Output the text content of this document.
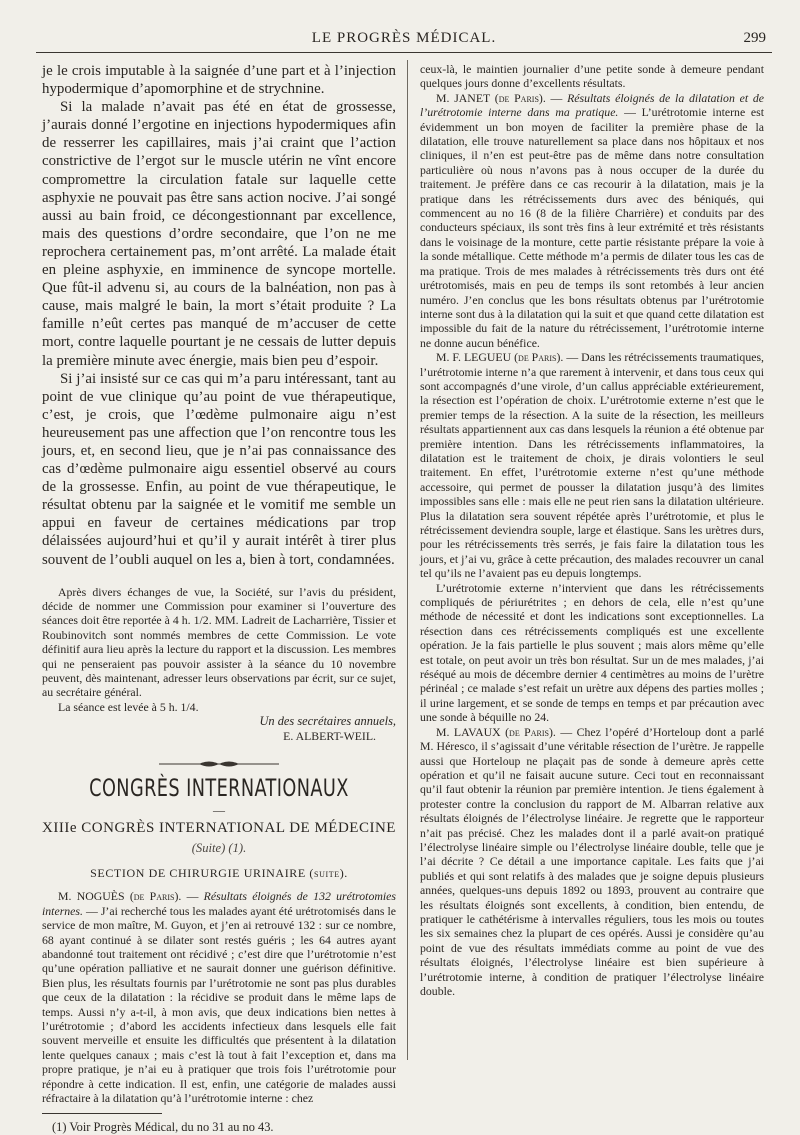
LE PROGRÈS MÉDICAL.	299

je le crois imputable à la saignée d’une part et à l’injection hypodermique d’apomorphine et de strychnine.

Si la malade n’avait pas été en état de grossesse, j’aurais donné l’ergotine en injections hypodermiques afin de resserrer les capillaires, mais j’ai craint que l’action constrictive de l’ergot sur le muscle utérin ne vînt encore compromettre la circulation fatale sur laquelle cette asphyxie ne pouvait pas être sans action nocive. J’ai songé aussi au bain froid, ce décongestionnant par excellence, mais des questions d’ordre secondaire, que l’on ne me reprochera certainement pas, m’ont arrêté. La malade était en pleine asphyxie, en imminence de syncope mortelle. Que fût-il advenu si, au cours de la balnéation, non pas à cause, mais malgré le bain, la mort s’était produite ? La famille n’eût certes pas manqué de m’accuser de cette mort, contre laquelle pourtant je ne cessais de lutter depuis la première minute avec énergie, mais bien peu d’espoir.

Si j’ai insisté sur ce cas qui m’a paru intéressant, tant au point de vue clinique qu’au point de vue thérapeutique, c’est, je crois, que l’œdème pulmonaire aigu n’est heureusement pas une affection que l’on rencontre tous les jours, et, en second lieu, que je n’ai pas connaissance des cas d’œdème pulmonaire aigu essentiel observé au cours de la grossesse. Enfin, au point de vue thérapeutique, le résultat obtenu par la saignée et le vomitif me semble un appui en faveur de certaines médications par trop délaissées aujourd’hui et qu’il y aurait intérêt à tirer plus souvent de l’oubli auquel on les a, bien à tort, condamnées.

Après divers échanges de vue, la Société, sur l’avis du président, décide de nommer une Commission pour examiner si l’ouverture des séances doit être reportée à 4 h. 1/2. MM. Ladreit de Lacharrière, Tissier et Roubinovitch sont nommés membres de cette Commission. Le vote définitif aura lieu après la lecture du rapport et la discussion. Les membres qui ne penseraient pas pouvoir assister à la séance du 10 novembre peuvent, dès maintenant, adresser leurs observations par écrit, sur ce sujet, au secrétaire général.

La séance est levée à 5 h. 1/4.

Un des secrétaires annuels,

E. ALBERT-WEIL.

CONGRÈS INTERNATIONAUX
—
XIIIe CONGRÈS INTERNATIONAL DE MÉDECINE
(Suite) (1).
SECTION DE CHIRURGIE URINAIRE (suite).

M. NOGUÈS (de Paris). — Résultats éloignés de 132 urétrotomies internes. — J’ai recherché tous les malades ayant été urétrotomisés dans le service de mon maître, M. Guyon, et j’en ai retrouvé 132 : sur ce nombre, 68 ayant continué à se dilater sont restés guéris ; les 64 autres ayant abandonné tout traitement ont récidivé ; c’est dire que l’urétrotomie n’est qu’une opération palliative et ne saurait donner une guérison définitive. Bien plus, les résultats fournis par l’urétrotomie ne sont pas plus durables que ceux de la dilatation : la récidive se produit dans le même laps de temps. Aussi n’y a-t-il, à mon avis, que deux indications bien nettes à l’urétrotomie ; d’abord les accidents infectieux dans lesquels elle fait souvent merveille et ensuite les difficultés que présentent à la dilatation lente quelques canaux ; mais c’est là tout à fait l’exception et, dans ma propre pratique, je n’ai eu à pratiquer que trois fois l’urétrotomie pour répondre à cette indication. Il est, enfin, une catégorie de malades aussi réfractaire à la dilatation qu’à l’urétrotomie interne : chez

(1) Voir Progrès Médical, du no 31 au no 43.

ceux-là, le maintien journalier d’une petite sonde à demeure pendant quelques jours donne d’excellents résultats.

M. JANET (de Paris). — Résultats éloignés de la dilatation et de l’urétrotomie interne dans ma pratique. — L’urétrotomie interne est évidemment un bon moyen de faciliter la première phase de la dilatation, elle trouve naturellement sa place dans nos hôpitaux et nos cliniques, il n’en est peut-être pas de même dans notre consultation particulière où nous n’avons pas à nous occuper de la durée du traitement. Je préfère dans ce cas recourir à la dilatation, mais je la pratique dans les rétrécissements durs avec des béniqués, qui commencent au no 16 (8 de la filière Charrière) et conduits par des conducteurs spéciaux, ils sont très fins à leur extrémité et très résistants dans le voisinage de la monture, cette partie résistante prépare la voie à la sonde métallique. Cette méthode m’a permis de dilater tous les cas de ma pratique. Trois de mes malades à rétrécissements très durs ont été urétrotomisés, mais en peu de temps ils sont retombés à leur ancien numéro. J’en conclus que les bons résultats obtenus par l’urétrotomie interne sont dus à la dilatation qui la suit et que quand cette dilatation est impossible du fait de la nature du rétrécissement, l’urétrotomie interne ne donne aucun bénéfice.

M. F. LEGUEU (de Paris). — Dans les rétrécissements traumatiques, l’urétrotomie interne n’a que rarement à intervenir, et dans tous ceux qui sont accompagnés d’une virole, d’un callus appréciable extérieurement, la résection est l’opération de choix. L’urétrotomie externe n’est que le premier temps de la résection. A la suite de la résection, les meilleurs résultats appartiennent aux cas dans lesquels la réunion a été obtenue par première intention. Dans les rétrécissements inflammatoires, la dilatation est le traitement de choix, je dirais volontiers le seul traitement. En effet, l’urétrotomie externe n’est qu’une méthode accessoire, qui permet de pousser la dilatation jusqu’à des limites impossibles sans elle : mais elle ne peut rien sans la dilatation ultérieure. Plus la dilatation sera souvent répétée après l’urétrotomie, et plus le rétrécissement deviendra souple, large et élastique. Sans les urètres durs, pour les rétrécissements très serrés, je fais faire la dilatation tous les jours, et j’ai vu, grâce à cette précaution, des malades recouvrer un canal tel qu’ils ne l’avaient pas eu depuis longtemps.

L’urétrotomie externe n’intervient que dans les rétrécissements compliqués de périurétrites ; en dehors de cela, elle n’est qu’une méthode de nécessité et dont les indications sont exceptionnelles. La résection dans ces rétrécissements compliqués est une excellente opération. Je la fais partielle le plus souvent ; mais alors même qu’elle est totale, on peut avoir un très bon résultat. Sur un de mes malades, j’ai réséqué au mois de décembre dernier 4 centimètres au moins de l’urètre périnéal ; ce malade s’est refait un urètre aux dépens des parties molles ; il urine largement, et se sonde de temps en temps et par précaution avec une sonde à béquille no 24.

M. LAVAUX (de Paris). — Chez l’opéré d’Horteloup dont a parlé M. Héresco, il s’agissait d’une véritable résection de l’urètre. Je rappelle aussi que Horteloup ne plaçait pas de sonde à demeure après cette opération et qu’il ne faisait aucune suture. Ceci tout en reconnaissant qu’il faut obtenir la réunion par première intention. Je tiens également à protester contre la conclusion du rapport de M. Albarran relative aux résultats éloignés de l’électrolyse linéaire. Je regrette que le rapporteur n’ait pas précisé. Chez les malades dont il a parlé avait-on pratiqué l’électrolyse linéaire simple ou l’électrolyse linéaire double, telle que je l’ai décrite ? Ce détail a une importance capitale. Les faits que j’ai publiés et qui sont relatifs à des malades que je soigne depuis plusieurs années, quelques-uns depuis 1892 ou 1893, prouvent au contraire que les résultats éloignés sont excellents, à condition, bien entendu, de pratiquer le cathétérisme à intervalles réguliers, tous les mois ou toutes les six semaines chez la plupart de ces opérés. Aussi je considère qu’au point de vue des résultats immédiats comme au point de vue des résultats éloignés, l’électrolyse linéaire est bien supérieure à l’urétrotomie interne, à condition de pratiquer l’électrolyse linéaire double.
